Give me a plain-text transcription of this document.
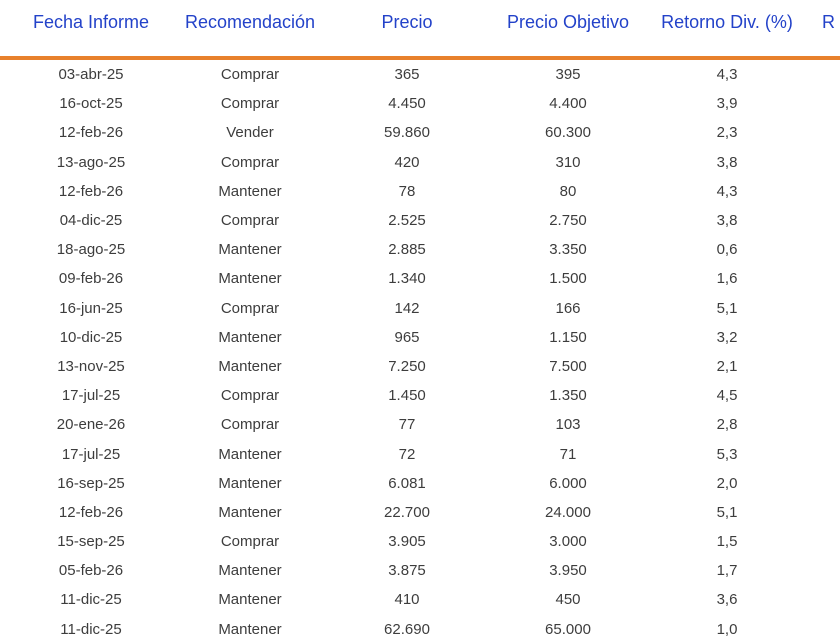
Fecha Informe	Recomendación	Precio	Precio Objetivo	Retorno Div. (%)	R
03-abr-25	Comprar	365	395	4,3
16-oct-25	Comprar	4.450	4.400	3,9
12-feb-26	Vender	59.860	60.300	2,3
13-ago-25	Comprar	420	310	3,8
12-feb-26	Mantener	78	80	4,3
04-dic-25	Comprar	2.525	2.750	3,8
18-ago-25	Mantener	2.885	3.350	0,6
09-feb-26	Mantener	1.340	1.500	1,6
16-jun-25	Comprar	142	166	5,1
10-dic-25	Mantener	965	1.150	3,2
13-nov-25	Mantener	7.250	7.500	2,1
17-jul-25	Comprar	1.450	1.350	4,5
20-ene-26	Comprar	77	103	2,8
17-jul-25	Mantener	72	71	5,3
16-sep-25	Mantener	6.081	6.000	2,0
12-feb-26	Mantener	22.700	24.000	5,1
15-sep-25	Comprar	3.905	3.000	1,5
05-feb-26	Mantener	3.875	3.950	1,7
11-dic-25	Mantener	410	450	3,6
11-dic-25	Mantener	62.690	65.000	1,0
